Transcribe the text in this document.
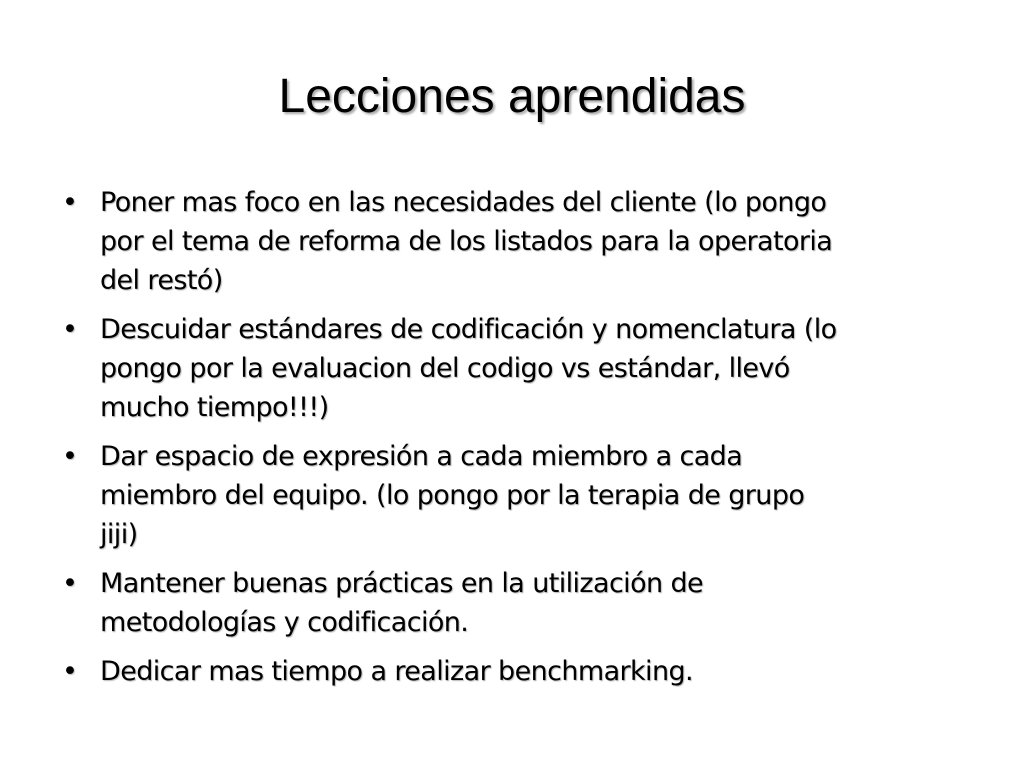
Lecciones aprendidas
• Poner mas foco en las necesidades del cliente (lo pongo
por el tema de reforma de los listados para la operatoria
del restó)
• Descuidar estándares de codificación y nomenclatura (lo
pongo por la evaluacion del codigo vs estándar, llevó
mucho tiempo!!!)
• Dar espacio de expresión a cada miembro a cada
miembro del equipo. (lo pongo por la terapia de grupo
jiji)
• Mantener buenas prácticas en la utilización de
metodologías y codificación.
• Dedicar mas tiempo a realizar benchmarking.
